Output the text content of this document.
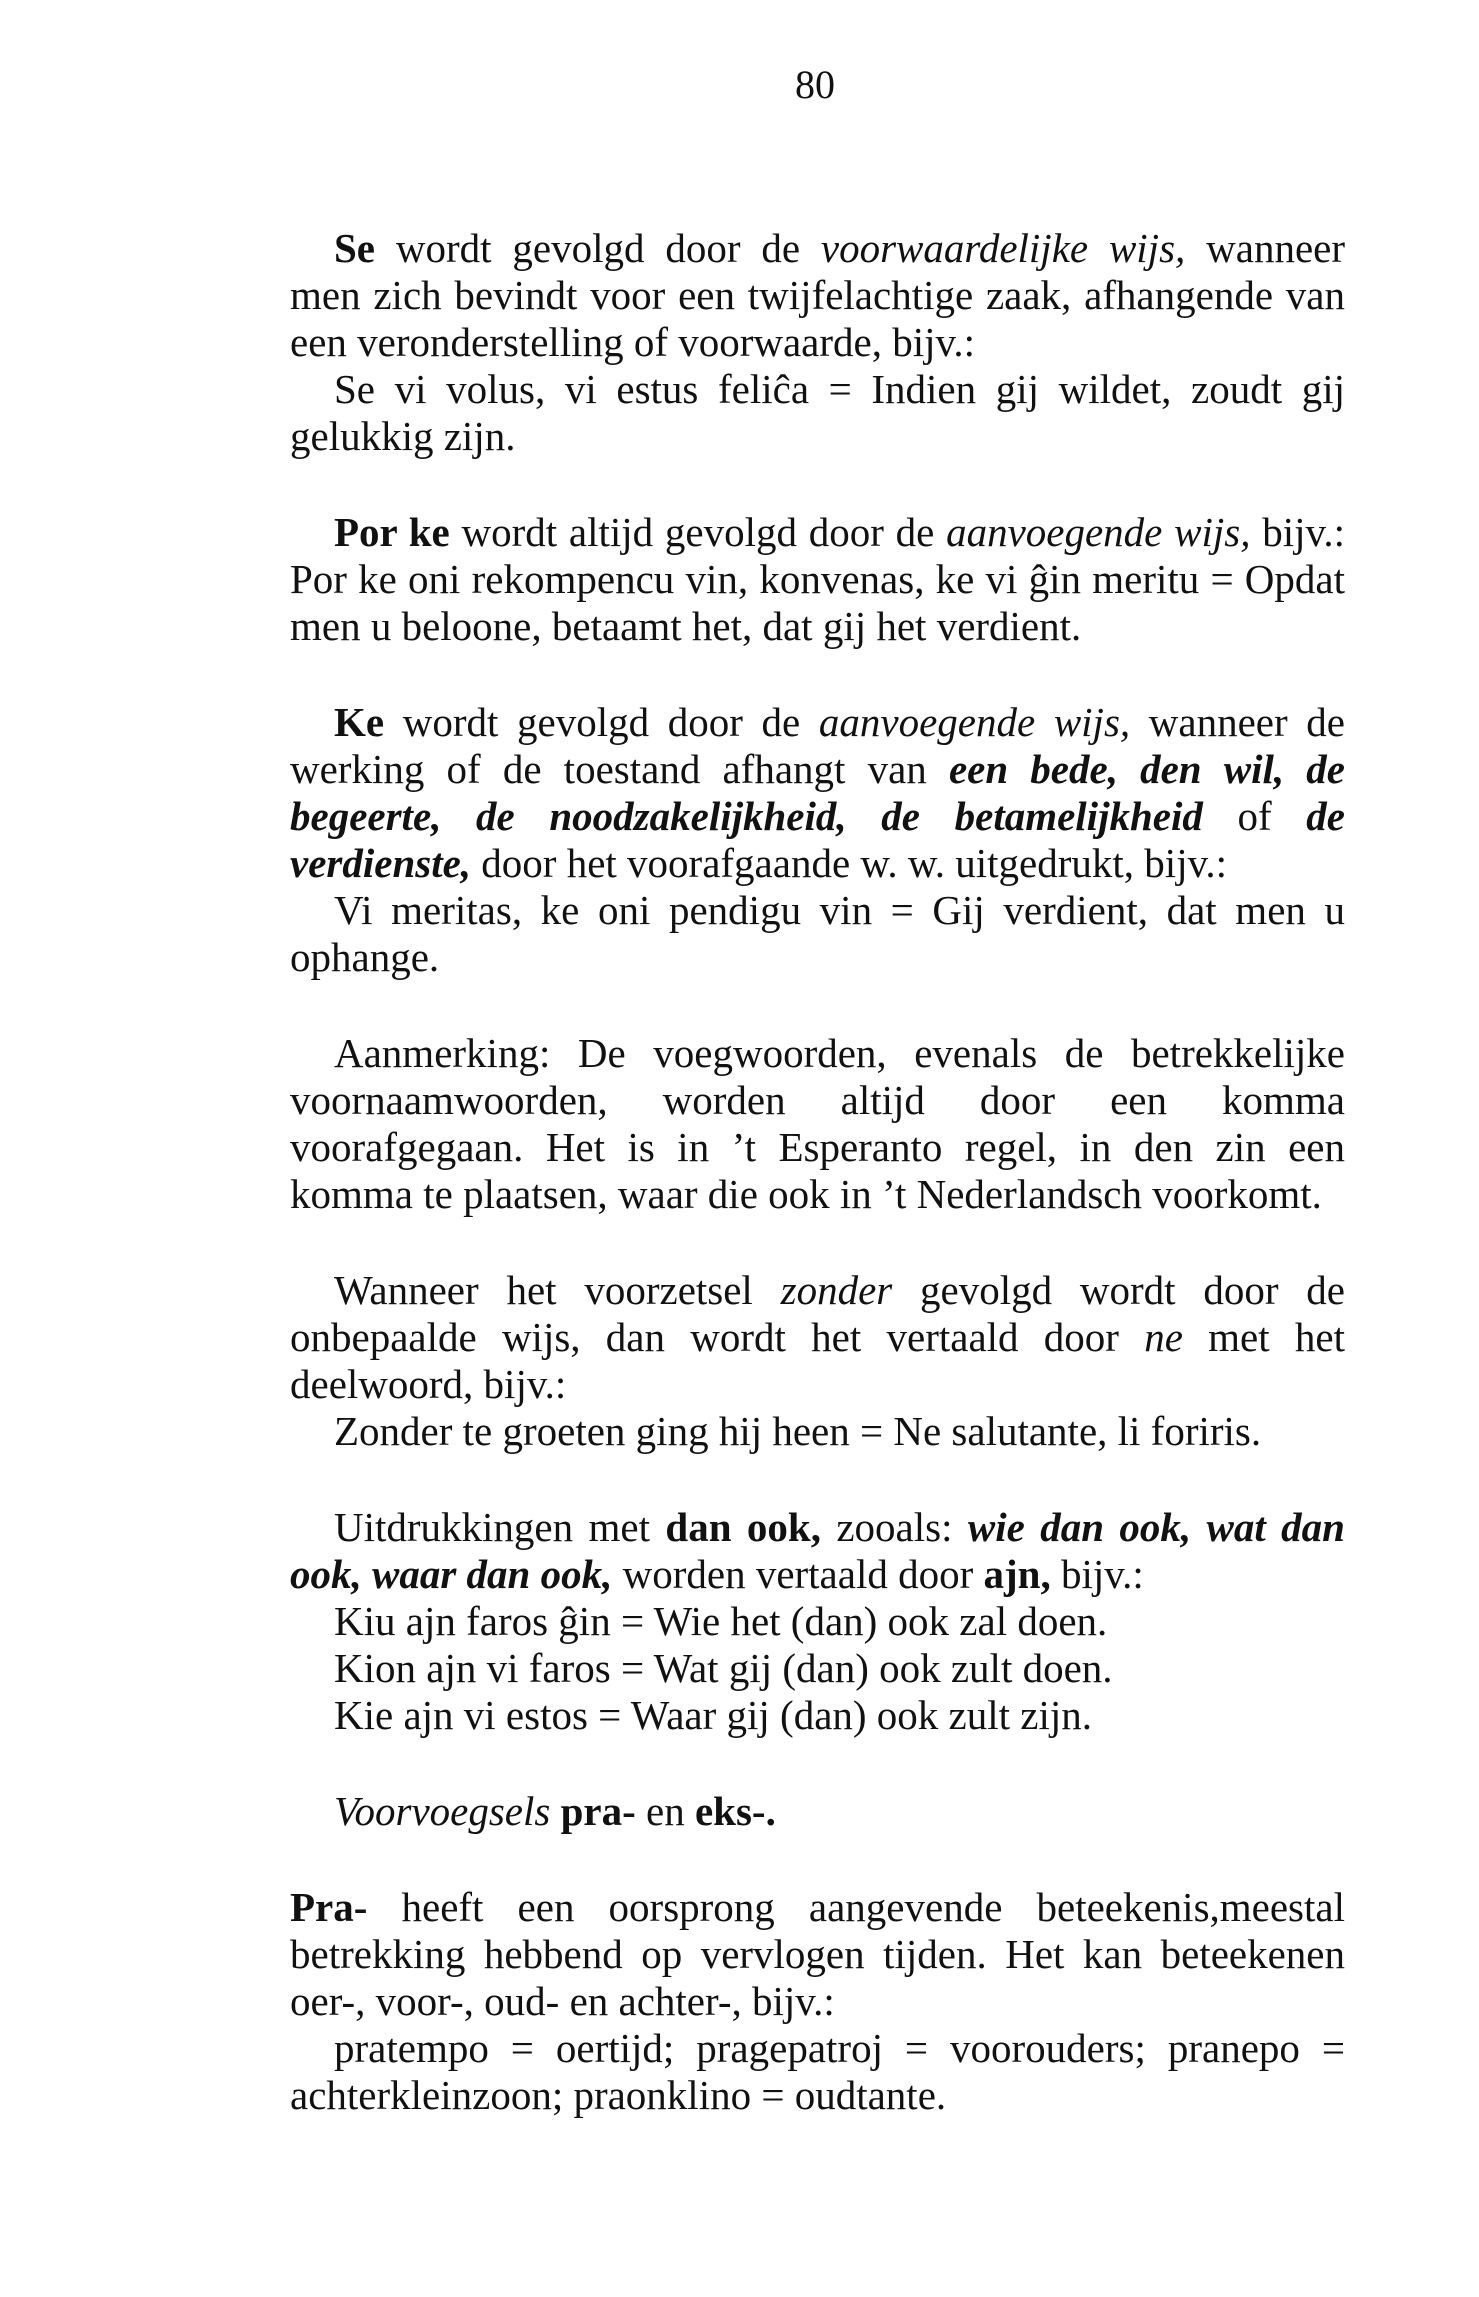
80

Se wordt gevolgd door de voorwaardelijke wijs, wanneer men zich bevindt voor een twijfelachtige zaak, afhangende van een veronderstelling of voorwaarde, bijv.:

Se vi volus, vi estus feliĉa = Indien gij wildet, zoudt gij gelukkig zijn.

Por ke wordt altijd gevolgd door de aanvoegende wijs, bijv.: Por ke oni rekompencu vin, konvenas, ke vi ĝin meritu = Opdat men u beloone, betaamt het, dat gij het verdient.

Ke wordt gevolgd door de aanvoegende wijs, wanneer de werking of de toestand afhangt van een bede, den wil, de begeerte, de noodzakelijkheid, de betamelijkheid of de verdienste, door het voorafgaande w. w. uitgedrukt, bijv.:

Vi meritas, ke oni pendigu vin = Gij verdient, dat men u ophange.

Aanmerking: De voegwoorden, evenals de betrekkelijke voornaamwoorden, worden altijd door een komma voorafgegaan. Het is in ’t Esperanto regel, in den zin een komma te plaatsen, waar die ook in ’t Nederlandsch voorkomt.

Wanneer het voorzetsel zonder gevolgd wordt door de onbepaalde wijs, dan wordt het vertaald door ne met het deelwoord, bijv.:

Zonder te groeten ging hij heen = Ne salutante, li foriris.

Uitdrukkingen met dan ook, zooals: wie dan ook, wat dan ook, waar dan ook, worden vertaald door ajn, bijv.:

Kiu ajn faros ĝin = Wie het (dan) ook zal doen.

Kion ajn vi faros = Wat gij (dan) ook zult doen.

Kie ajn vi estos = Waar gij (dan) ook zult zijn.

Voorvoegsels pra- en eks-.

Pra- heeft een oorsprong aangevende beteekenis,meestal betrekking hebbend op vervlogen tijden. Het kan beteekenen oer-, voor-, oud- en achter-, bijv.:

pratempo = oertijd; pragepatroj = voorouders; pranepo = achterkleinzoon; praonklino = oudtante.
